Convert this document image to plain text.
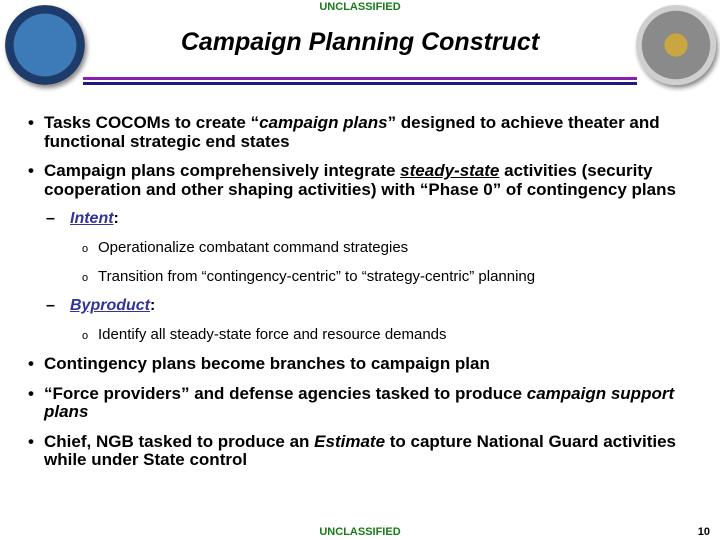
UNCLASSIFIED
Campaign Planning Construct
• Tasks COCOMs to create “campaign plans” designed to achieve theater and functional strategic end states
• Campaign plans comprehensively integrate steady-state activities (security cooperation and other shaping activities) with “Phase 0” of contingency plans
– Intent:
o Operationalize combatant command strategies
o Transition from “contingency-centric” to “strategy-centric” planning
– Byproduct:
o Identify all steady-state force and resource demands
• Contingency plans become branches to campaign plan
• “Force providers” and defense agencies tasked to produce campaign support plans
• Chief, NGB tasked to produce an Estimate to capture National Guard activities while under State control
UNCLASSIFIED	10
